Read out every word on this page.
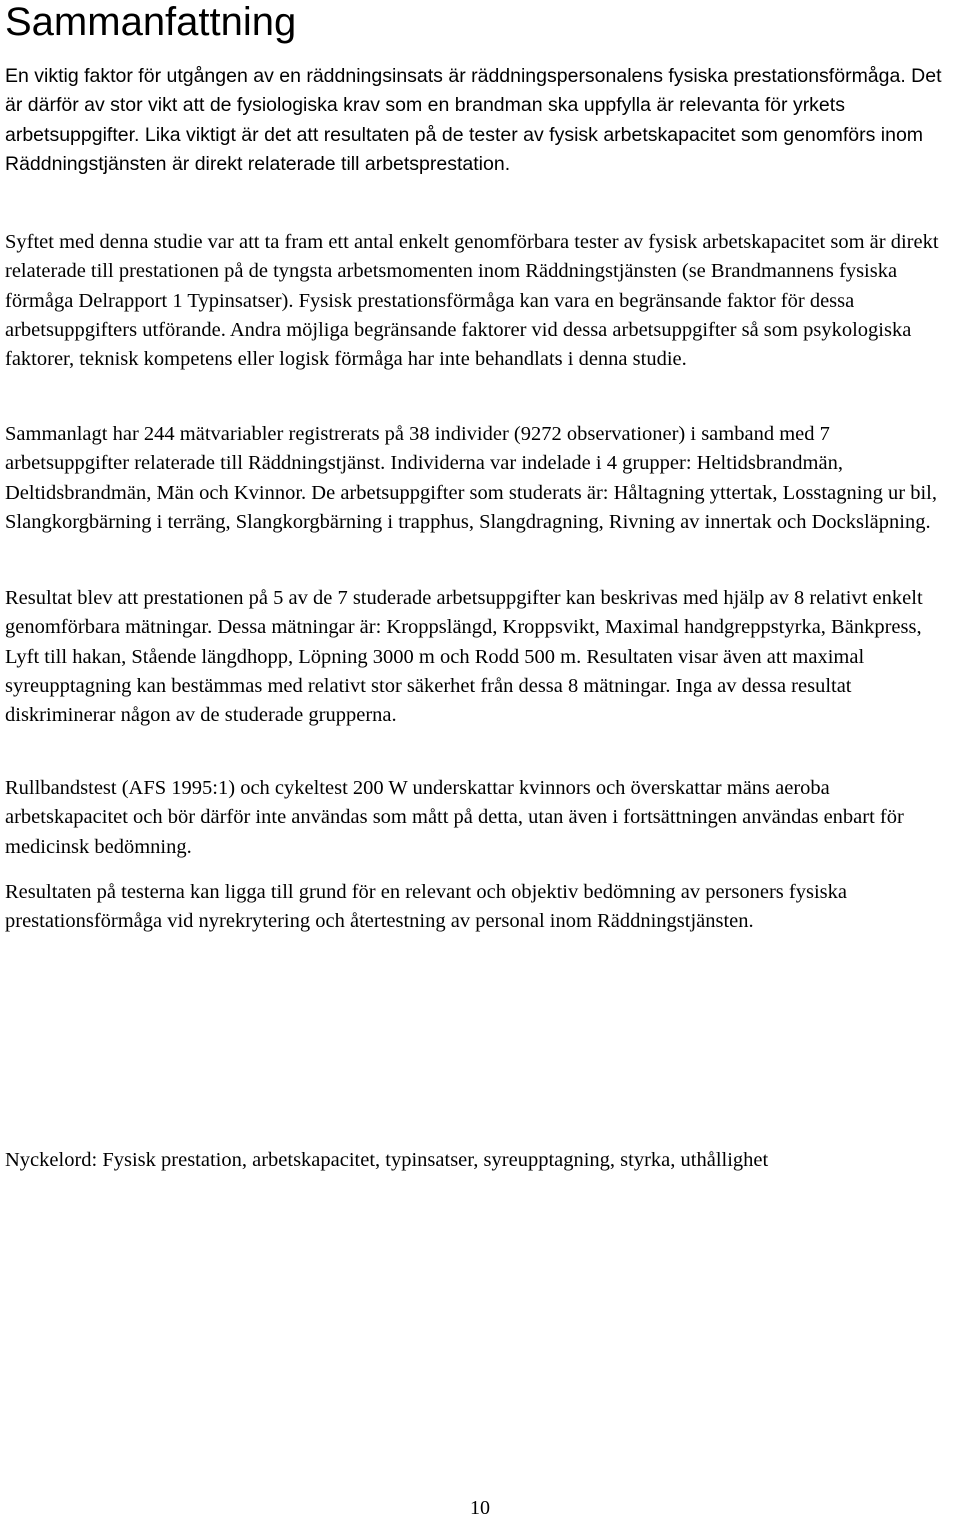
Sammanfattning

En viktig faktor för utgången av en räddningsinsats är räddningspersonalens fysiska prestationsförmåga. Det är därför av stor vikt att de fysiologiska krav som en brandman ska uppfylla är relevanta för yrkets arbetsuppgifter. Lika viktigt är det att resultaten på de tester av fysisk arbetskapacitet som genomförs inom Räddningstjänsten är direkt relaterade till arbetsprestation.

Syftet med denna studie var att ta fram ett antal enkelt genomförbara tester av fysisk arbetskapacitet som är direkt relaterade till prestationen på de tyngsta arbetsmomenten inom Räddningstjänsten (se Brandmannens fysiska förmåga Delrapport 1 Typinsatser). Fysisk prestationsförmåga kan vara en begränsande faktor för dessa arbetsuppgifters utförande. Andra möjliga begränsande faktorer vid dessa arbetsuppgifter så som psykologiska faktorer, teknisk kompetens eller logisk förmåga har inte behandlats i denna studie.

Sammanlagt har 244 mätvariabler registrerats på 38 individer (9272 observationer) i samband med 7 arbetsuppgifter relaterade till Räddningstjänst. Individerna var indelade i 4 grupper: Heltidsbrandmän, Deltidsbrandmän, Män och Kvinnor. De arbetsuppgifter som studerats är: Håltagning yttertak, Losstagning ur bil, Slangkorgbärning i terräng, Slangkorgbärning i trapphus, Slangdragning, Rivning av innertak och Docksläpning.

Resultat blev att prestationen på 5 av de 7 studerade arbetsuppgifter kan beskrivas med hjälp av 8 relativt enkelt genomförbara mätningar. Dessa mätningar är: Kroppslängd, Kroppsvikt, Maximal handgreppstyrka, Bänkpress, Lyft till hakan, Stående längdhopp, Löpning 3000 m och Rodd 500 m. Resultaten visar även att maximal syreupptagning kan bestämmas med relativt stor säkerhet från dessa 8 mätningar. Inga av dessa resultat diskriminerar någon av de studerade grupperna.

Rullbandstest (AFS 1995:1) och cykeltest 200 W underskattar kvinnors och överskattar mäns aeroba arbetskapacitet och bör därför inte användas som mått på detta, utan även i fortsättningen användas enbart för medicinsk bedömning.

Resultaten på testerna kan ligga till grund för en relevant och objektiv bedömning av personers fysiska prestationsförmåga vid nyrekrytering och återtestning av personal inom Räddningstjänsten.

Nyckelord: Fysisk prestation, arbetskapacitet, typinsatser, syreupptagning, styrka, uthållighet

10
